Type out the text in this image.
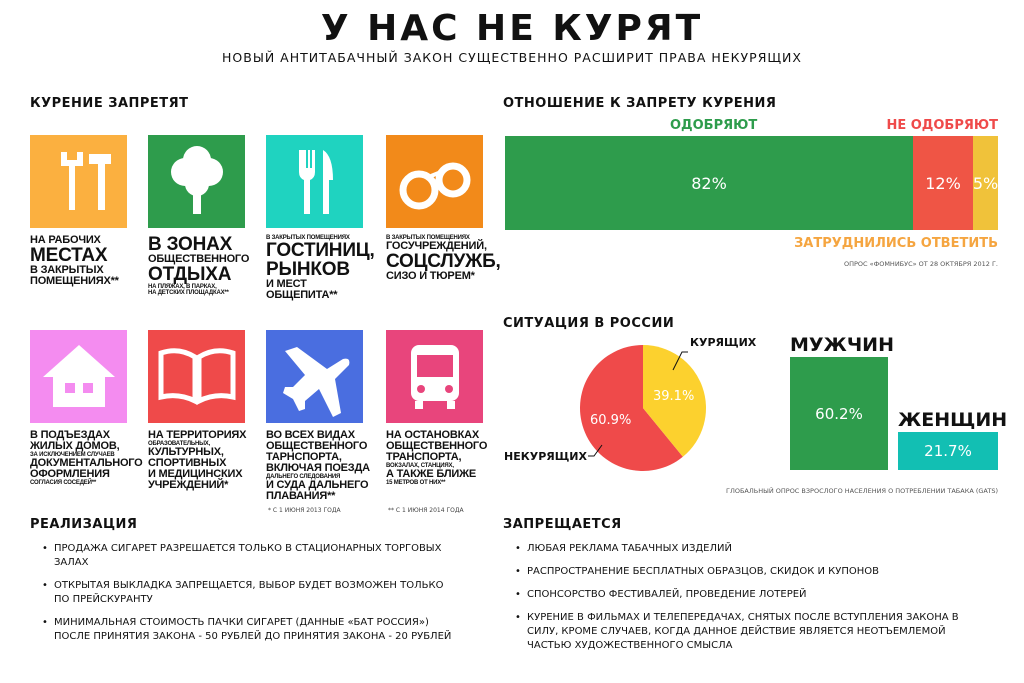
У НАС НЕ КУРЯТ
НОВЫЙ АНТИТАБАЧНЫЙ ЗАКОН СУЩЕСТВЕННО РАСШИРИТ ПРАВА НЕКУРЯЩИХ
КУРЕНИЕ ЗАПРЕТЯТ
НА РАБОЧИХ
МЕСТАХ
В ЗАКРЫТЫХ
ПОМЕЩЕНИЯХ**
В ЗОНАХ
ОБЩЕСТВЕННОГО
ОТДЫХА
НА ПЛЯЖАХ, В ПАРКАХ,
НА ДЕТСКИХ ПЛОЩАДКАХ**
В ЗАКРЫТЫХ ПОМЕЩЕНИЯХ
ГОСТИНИЦ,
РЫНКОВ
И МЕСТ ОБЩЕПИТА**
В ЗАКРЫТЫХ ПОМЕЩЕНИЯХ
ГОСУЧРЕЖДЕНИЙ,
СОЦСЛУЖБ,
СИЗО И ТЮРЕМ*
В ПОДЪЕЗДАХ
ЖИЛЫХ ДОМОВ,
ЗА ИСКЛЮЧЕНИЕМ СЛУЧАЕВ
ДОКУМЕНТАЛЬНОГО
ОФОРМЛЕНИЯ
СОГЛАСИЯ СОСЕДЕЙ**
НА ТЕРРИТОРИЯХ
ОБРАЗОВАТЕЛЬНЫХ,
КУЛЬТУРНЫХ,
СПОРТИВНЫХ
И МЕДИЦИНСКИХ
УЧРЕЖДЕНИЙ*
ВО ВСЕХ ВИДАХ
ОБЩЕСТВЕННОГО
ТАРНСПОРТА,
ВКЛЮЧАЯ ПОЕЗДА
ДАЛЬНЕГО СЛЕДОВАНИЯ
И СУДА ДАЛЬНЕГО
ПЛАВАНИЯ**
НА ОСТАНОВКАХ
ОБЩЕСТВЕННОГО
ТРАНСПОРТА,
ВОКЗАЛАХ, СТАНЦИЯХ,
А ТАКЖЕ БЛИЖЕ
15 МЕТРОВ ОТ НИХ**
* С 1 ИЮНЯ 2013 ГОДА	** С 1 ИЮНЯ 2014 ГОДА
ОТНОШЕНИЕ К ЗАПРЕТУ КУРЕНИЯ
ОДОБРЯЮТ	НЕ ОДОБРЯЮТ
82%	12% 5%
ЗАТРУДНИЛИСЬ ОТВЕТИТЬ
ОПРОС «ФОМНИБУС» ОТ 28 ОКТЯБРЯ 2012 Г.
СИТУАЦИЯ В РОССИИ
КУРЯЩИХ
НЕКУРЯЩИХ
39.1%
60.9%
МУЖЧИН
60.2%	ЖЕНЩИН
21.7%
ГЛОБАЛЬНЫЙ ОПРОС ВЗРОСЛОГО НАСЕЛЕНИЯ О ПОТРЕБЛЕНИИ ТАБАКА (GATS)
РЕАЛИЗАЦИЯ
• ПРОДАЖА СИГАРЕТ РАЗРЕШАЕТСЯ ТОЛЬКО В СТАЦИОНАРНЫХ ТОРГОВЫХ ЗАЛАХ
• ОТКРЫТАЯ ВЫКЛАДКА ЗАПРЕЩАЕТСЯ, ВЫБОР БУДЕТ ВОЗМОЖЕН ТОЛЬКО ПО ПРЕЙСКУРАНТУ
• МИНИМАЛЬНАЯ СТОИМОСТЬ ПАЧКИ СИГАРЕТ (ДАННЫЕ «БАТ РОССИЯ») ПОСЛЕ ПРИНЯТИЯ ЗАКОНА - 50 РУБЛЕЙ ДО ПРИНЯТИЯ ЗАКОНА - 20 РУБЛЕЙ
ЗАПРЕЩАЕТСЯ
• ЛЮБАЯ РЕКЛАМА ТАБАЧНЫХ ИЗДЕЛИЙ
• РАСПРОСТРАНЕНИЕ БЕСПЛАТНЫХ ОБРАЗЦОВ, СКИДОК И КУПОНОВ
• СПОНСОРСТВО ФЕСТИВАЛЕЙ, ПРОВЕДЕНИЕ ЛОТЕРЕЙ
• КУРЕНИЕ В ФИЛЬМАХ И ТЕЛЕПЕРЕДАЧАХ, СНЯТЫХ ПОСЛЕ ВСТУПЛЕНИЯ ЗАКОНА В СИЛУ, КРОМЕ СЛУЧАЕВ, КОГДА ДАННОЕ ДЕЙСТВИЕ ЯВЛЯЕТСЯ НЕОТЪЕМЛЕМОЙ ЧАСТЬЮ ХУДОЖЕСТВЕННОГО СМЫСЛА
